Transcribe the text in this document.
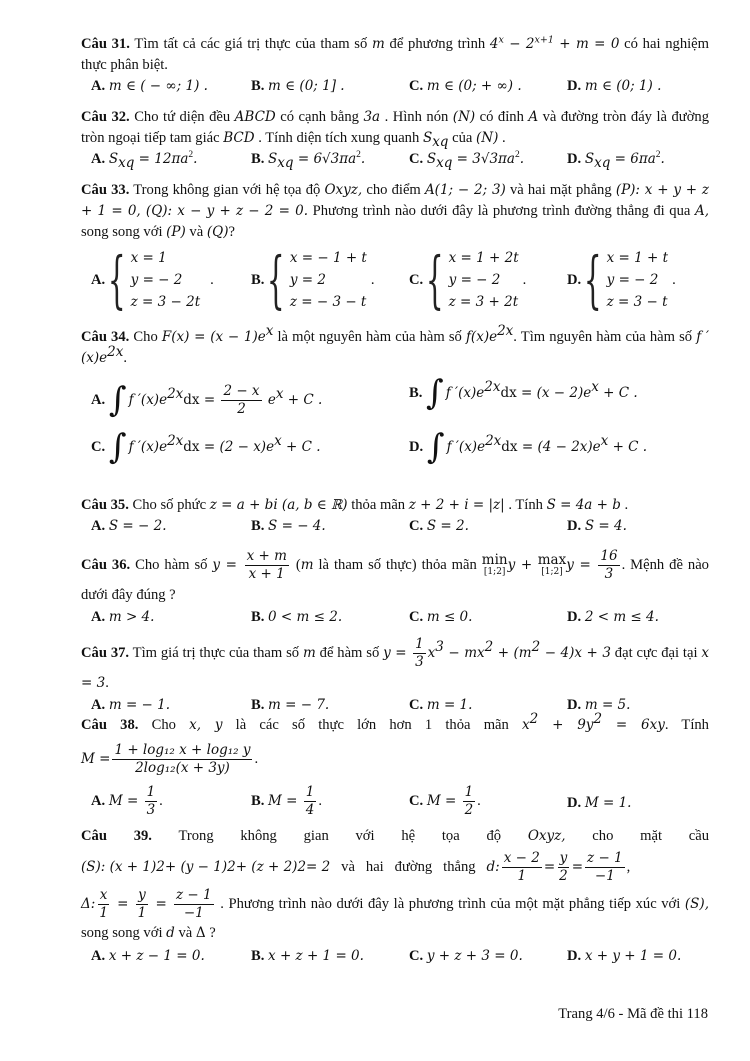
Câu 31. Tìm tất cả các giá trị thực của tham số m để phương trình $4^x - 2^{x+1} + m = 0$ có hai nghiệm thực phân biệt.
A. m ∈ ( − ∞; 1) .	B. m ∈ (0; 1] .	C. m ∈ (0; + ∞) .	D. m ∈ (0; 1) .
Câu 32. Cho tứ diện đều ABCD có cạnh bằng 3a . Hình nón (N) có đỉnh A và đường tròn đáy là đường tròn ngoại tiếp tam giác BCD . Tính diện tích xung quanh $S_{xq}$ của (N) .
A. $S_{xq} = 12\pi a^2$.	B. $S_{xq} = 6√3\pi a^2$.	C. $S_{xq} = 3√3\pi a^2$.	D. $S_{xq} = 6\pi a^2$.
Câu 33. Trong không gian với hệ tọa độ Oxyz, cho điểm A(1; − 2; 3) và hai mặt phẳng (P): x + y + z + 1 = 0, (Q): x − y + z − 2 = 0. Phương trình nào dưới đây là phương trình đường thẳng đi qua A, song song với (P) và (Q)?
A. { x = 1
y = − 2
z = 3 − 2t
.	B. { x = − 1 + t
y = 2
z = − 3 − t
. C. { x = 1 + 2t
y = − 2
z = 3 + 2t
.	D. { x = 1 + t
y = − 2
z = 3 − t
.
Câu 34. Cho $F(x) = (x - 1)e^x$ là một nguyên hàm của hàm số $f(x)e^{2x}$. Tìm nguyên hàm của hàm số f $'(x)e^{2x}$.
A. ∫ f $'(x)e^{2x}dx = \frac{2 - x}{2} e^x + C$ .	B. ∫ f $'(x)e^{2x}dx = (x - 2)e^x + C$ .
C. ∫ f $'(x)e^{2x}dx = (2 - x)e^x + C$ .	D. ∫ f $'(x)e^{2x}dx = (4 - 2x)e^x + C$ .
Câu 35. Cho số phức z = a + bi (a, b ∈ ℝ) thỏa mãn z + 2 + i = |z| . Tính S = 4a + b .
A. S = − 2.	B. S = − 4.	C. S = 2.	D. S = 4.
Câu 36. Cho hàm số $y = \frac{x + m}{x + 1} (m$ là tham số thực) thỏa mãn min
[1;2] y + max
[1;2] $y = \frac{16}{3}$ . Mệnh đề nào dưới đây đúng ?
A. m > 4.	B. 0 < m ≤ 2.	C. m ≤ 0.	D. 2 < m ≤ 4.
Câu 37. Tìm giá trị thực của tham số m để hàm số $y = \frac{1}{3} x^3 - mx^2 + (m^2 - 4)x + 3$ đạt cực đại tại x = 3.
A. m = − 1.	B. m = − 7.	C. m = 1.	D. m = 5.
Câu 38. Cho x, y là các số thực lớn hơn 1 thỏa mãn $x^2 + 9y^2 = 6xy$. Tính
$M = \frac{\text{1 + log₁₂ x + log₁₂ y}}{\text{2log₁₂(x + 3y)}}$ .
A. $M = \frac{1}{3}$ .	B. $M = \frac{1}{4}$ .	C. $M = \frac{1}{2}$ .	D. M = 1.
Câu 39. Trong không gian với hệ tọa độ Oxyz, cho mặt cầu
(S): (x + 1) 2 + (y − 1) 2 + (z + 2) 2 = 2 và   hai   đường   thẳng d: $\frac{x - 2}{1} = \frac{y}{2} = \frac{z - 1}{-1}$ ,
Δ: $\frac{x}{1} = \frac{y}{1} = \frac{z - 1}{-1}$ . Phương trình nào dưới đây là phương trình của một mặt phẳng tiếp xúc với (S), song song với d và Δ ?
A. x + z − 1 = 0.	B. x + z + 1 = 0.	C. y + z + 3 = 0.	D. x + y + 1 = 0.
Trang 4/6 - Mã đề thi 118
